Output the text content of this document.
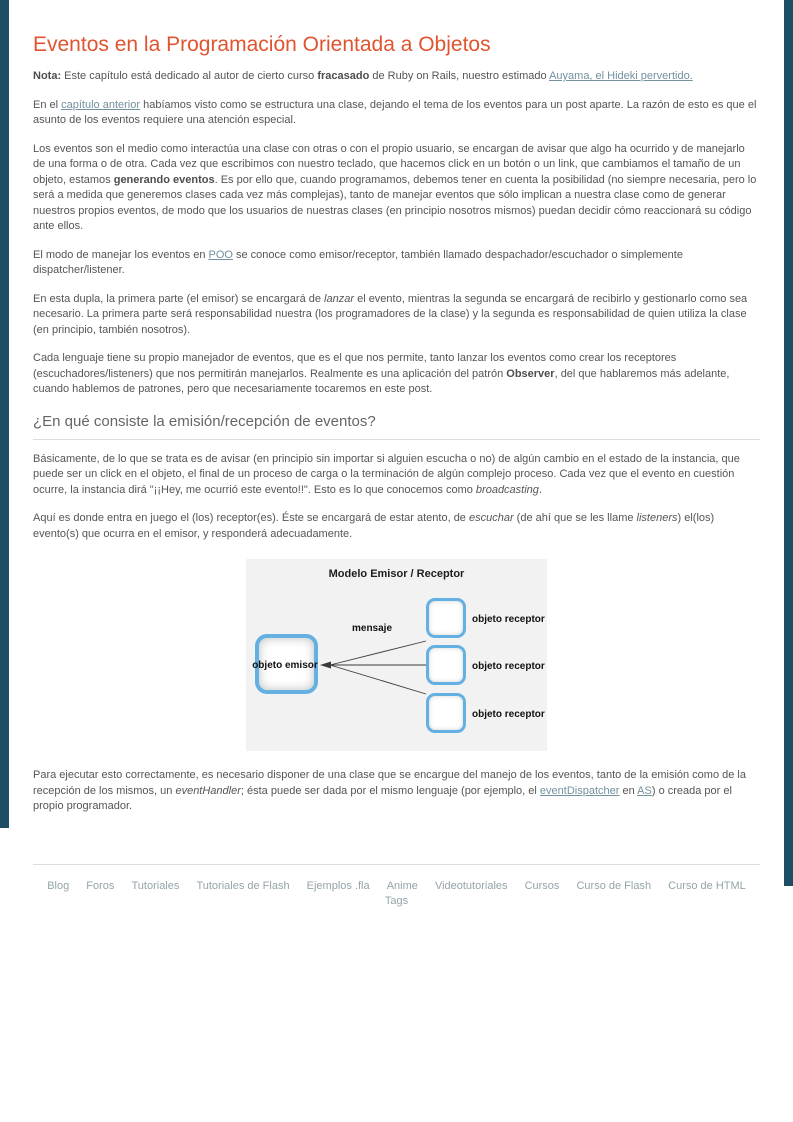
Eventos en la Programación Orientada a Objetos

Nota: Este capítulo está dedicado al autor de cierto curso fracasado de Ruby on Rails, nuestro estimado Auyama, el Hideki pervertido.

En el capítulo anterior habíamos visto como se estructura una clase, dejando el tema de los eventos para un post aparte. La razón de esto es que el asunto de los eventos requiere una atención especial.

Los eventos son el medio como interactúa una clase con otras o con el propio usuario, se encargan de avisar que algo ha ocurrido y de manejarlo de una forma o de otra. Cada vez que escribimos con nuestro teclado, que hacemos click en un botón o un link, que cambiamos el tamaño de un objeto, estamos generando eventos. Es por ello que, cuando programamos, debemos tener en cuenta la posibilidad (no siempre necesaria, pero lo será a medida que generemos clases cada vez más complejas), tanto de manejar eventos que sólo implican a nuestra clase como de generar nuestros propios eventos, de modo que los usuarios de nuestras clases (en principio nosotros mismos) puedan decidir cómo reaccionará su código ante ellos.

El modo de manejar los eventos en POO se conoce como emisor/receptor, también llamado despachador/escuchador o simplemente dispatcher/listener.

En esta dupla, la primera parte (el emisor) se encargará de lanzar el evento, mientras la segunda se encargará de recibirlo y gestionarlo como sea necesario. La primera parte será responsabilidad nuestra (los programadores de la clase) y la segunda es responsabilidad de quien utiliza la clase (en principio, también nosotros).

Cada lenguaje tiene su propio manejador de eventos, que es el que nos permite, tanto lanzar los eventos como crear los receptores (escuchadores/listeners) que nos permitirán manejarlos. Realmente es una aplicación del patrón Observer, del que hablaremos más adelante, cuando hablemos de patrones, pero que necesariamente tocaremos en este post.

¿En qué consiste la emisión/recepción de eventos?

Básicamente, de lo que se trata es de avisar (en principio sin importar si alguien escucha o no) de algún cambio en el estado de la instancia, que puede ser un click en el objeto, el final de un proceso de carga o la terminación de algún complejo proceso. Cada vez que el evento en cuestión ocurre, la instancia dirá "¡¡Hey, me ocurrió este evento!!". Esto es lo que conocemos como broadcasting.

Aquí es donde entra en juego el (los) receptor(es). Éste se encargará de estar atento, de escuchar (de ahí que se les llame listeners) el(los) evento(s) que ocurra en el emisor, y responderá adecuadamente.

Modelo Emisor / Receptor
objeto emisor
mensaje
objeto receptor
objeto receptor
objeto receptor

Para ejecutar esto correctamente, es necesario disponer de una clase que se encargue del manejo de los eventos, tanto de la emisión como de la recepción de los mismos, un eventHandler; ésta puede ser dada por el mismo lenguaje (por ejemplo, el eventDispatcher en AS) o creada por el propio programador.

Blog Foros Tutoriales Tutoriales de Flash Ejemplos .fla Anime Videotutoriales Cursos Curso de Flash Curso de HTML Tags
